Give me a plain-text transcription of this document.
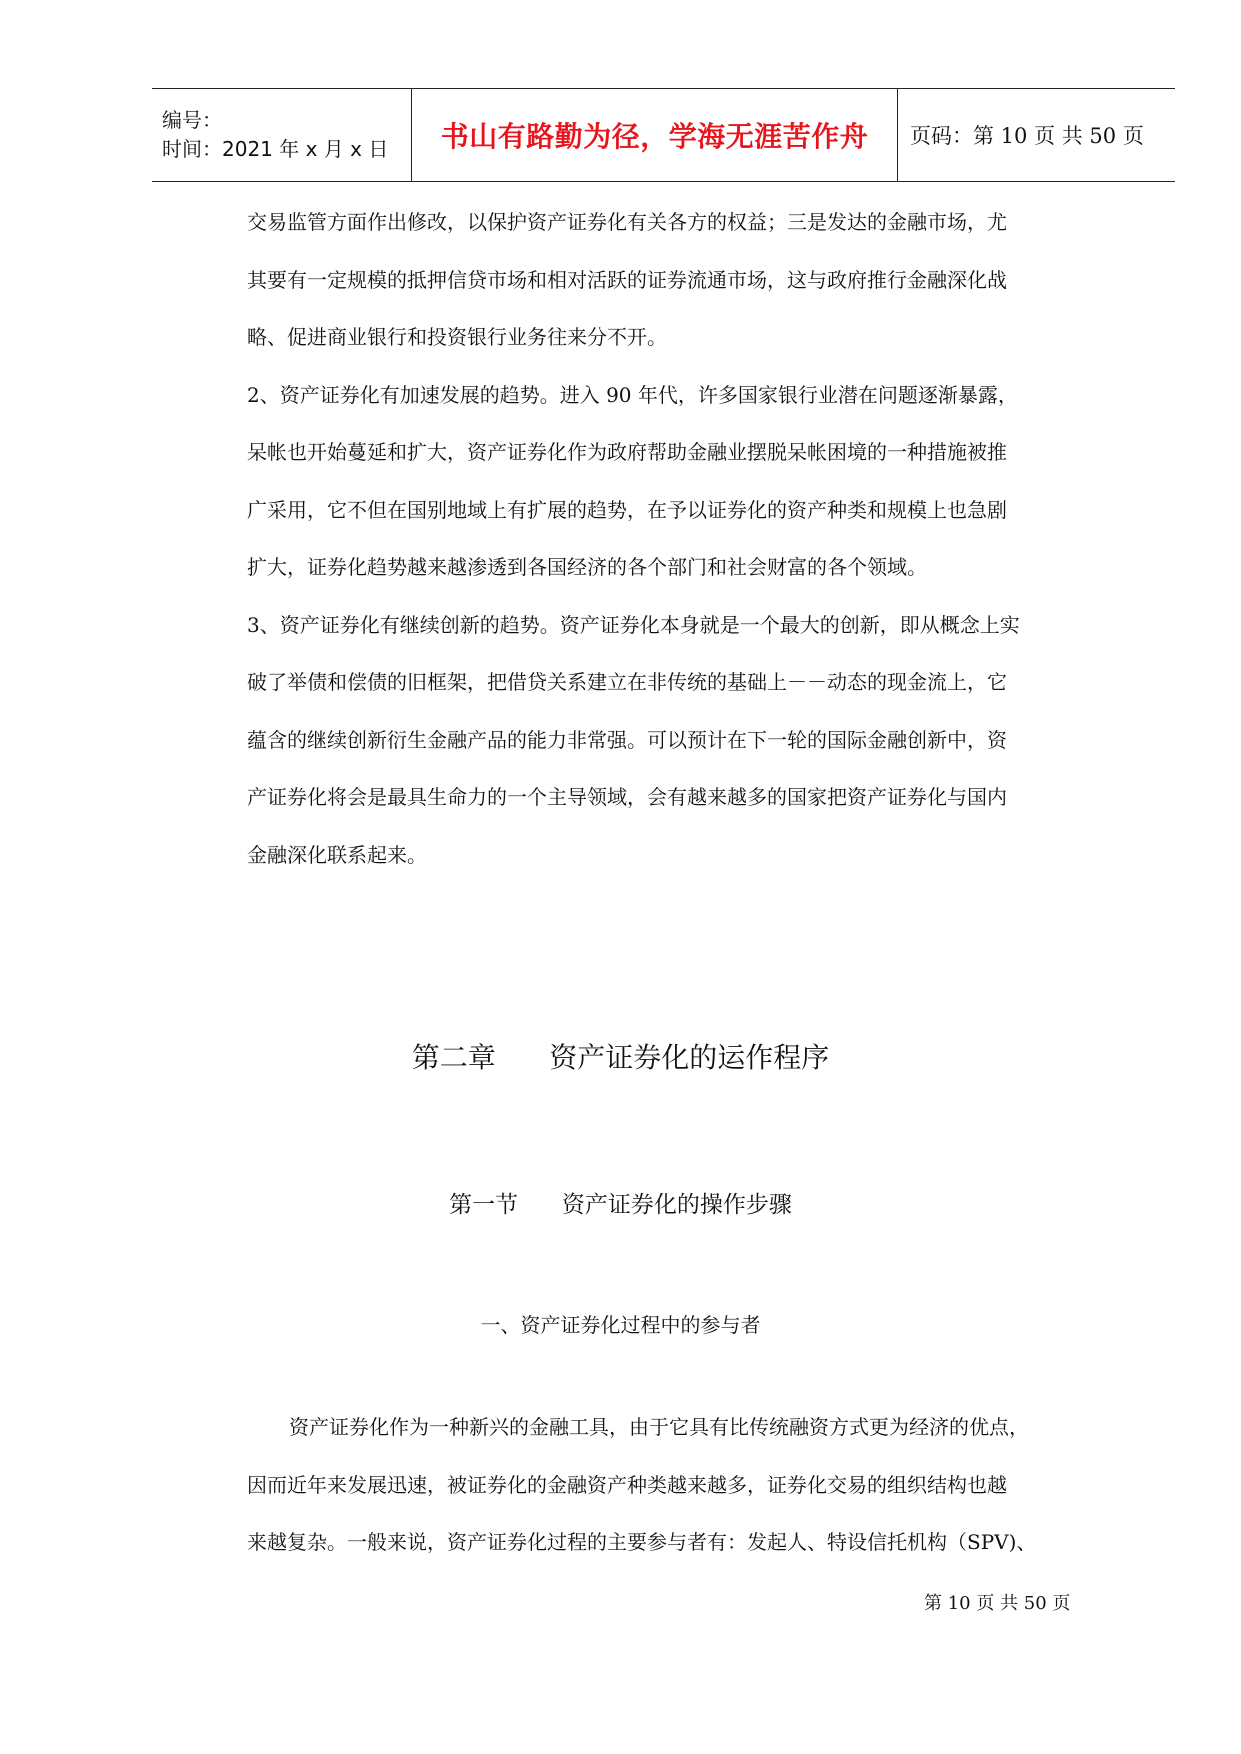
编号：
时间：2021 年 x 月 x 日	书山有路勤为径，学海无涯苦作舟	页码：第 10 页 共 50 页
交易监管方面作出修改，以保护资产证券化有关各方的权益；三是发达的金融市场，尤
其要有一定规模的抵押信贷市场和相对活跃的证券流通市场，这与政府推行金融深化战
略、促进商业银行和投资银行业务往来分不开。
2、资产证券化有加速发展的趋势。进入 90 年代，许多国家银行业潜在问题逐渐暴露，
呆帐也开始蔓延和扩大，资产证券化作为政府帮助金融业摆脱呆帐困境的一种措施被推
广采用，它不但在国别地域上有扩展的趋势，在予以证券化的资产种类和规模上也急剧
扩大，证券化趋势越来越渗透到各国经济的各个部门和社会财富的各个领域。
3、资产证券化有继续创新的趋势。资产证券化本身就是一个最大的创新，即从概念上实
破了举债和偿债的旧框架，把借贷关系建立在非传统的基础上－－动态的现金流上，它
蕴含的继续创新衍生金融产品的能力非常强。可以预计在下一轮的国际金融创新中，资
产证券化将会是最具生命力的一个主导领域，会有越来越多的国家把资产证券化与国内
金融深化联系起来。
第二章      资产证券化的运作程序
第一节      资产证券化的操作步骤
一、资产证券化过程中的参与者
资产证券化作为一种新兴的金融工具，由于它具有比传统融资方式更为经济的优点，
因而近年来发展迅速，被证券化的金融资产种类越来越多，证券化交易的组织结构也越
来越复杂。一般来说，资产证券化过程的主要参与者有：发起人、特设信托机构（SPV)、
第 10 页 共 50 页
